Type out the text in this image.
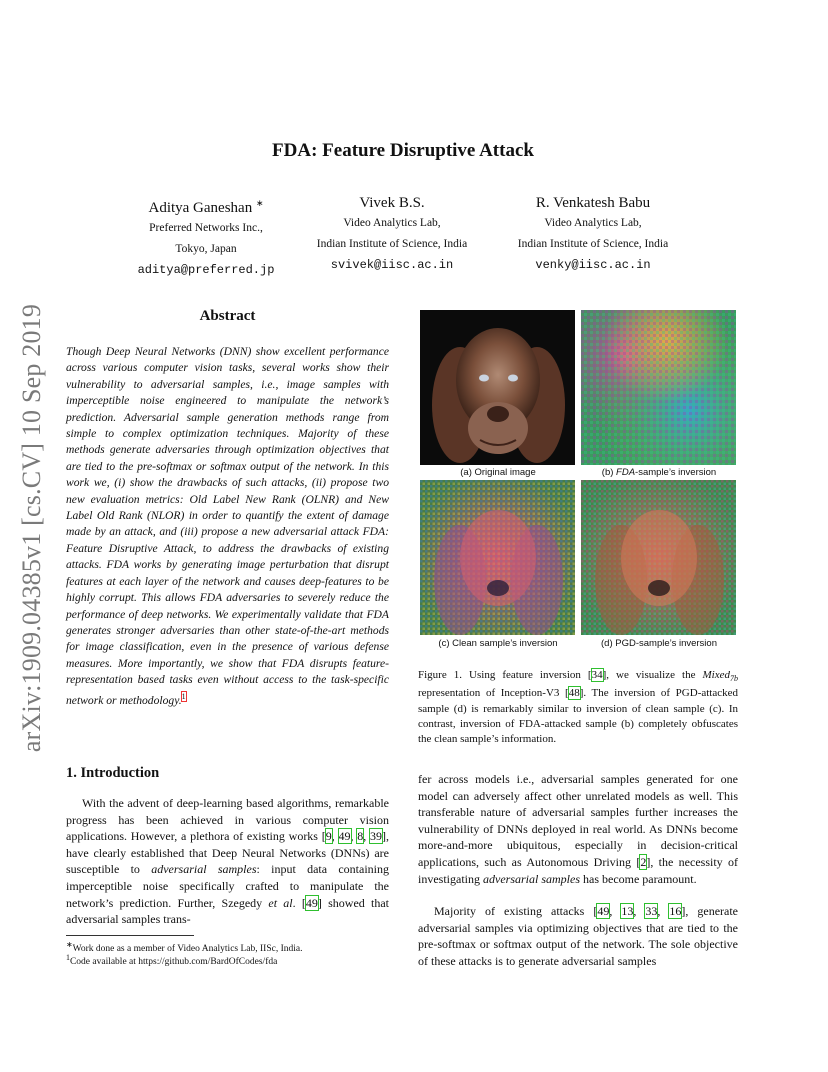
arXiv:1909.04385v1 [cs.CV] 10 Sep 2019
FDA: Feature Disruptive Attack
Aditya Ganeshan ∗
Preferred Networks Inc.,
Tokyo, Japan
aditya@preferred.jp
Vivek B.S.
Video Analytics Lab,
Indian Institute of Science, India
svivek@iisc.ac.in
R. Venkatesh Babu
Video Analytics Lab,
Indian Institute of Science, India
venky@iisc.ac.in
Abstract
Though Deep Neural Networks (DNN) show excellent performance across various computer vision tasks, several works show their vulnerability to adversarial samples, i.e., image samples with imperceptible noise engineered to manipulate the network’s prediction. Adversarial sample generation methods range from simple to complex optimization techniques. Majority of these methods generate adversaries through optimization objectives that are tied to the pre-softmax or softmax output of the network. In this work we, (i) show the drawbacks of such attacks, (ii) propose two new evaluation metrics: Old Label New Rank (OLNR) and New Label Old Rank (NLOR) in order to quantify the extent of damage made by an attack, and (iii) propose a new adversarial attack FDA: Feature Disruptive Attack, to address the drawbacks of existing attacks. FDA works by generating image perturbation that disrupt features at each layer of the network and causes deep-features to be highly corrupt. This allows FDA adversaries to severely reduce the performance of deep networks. We experimentally validate that FDA generates stronger adversaries than other state-of-the-art methods for image classification, even in the presence of various defense measures. More importantly, we show that FDA disrupts feature-representation based tasks even without access to the task-specific network or methodology.$^1$
(a) Original image	(b) FDA-sample’s inversion
(c) Clean sample’s inversion	(d) PGD-sample’s inversion
Figure 1. Using feature inversion [34], we visualize the Mixed$_{7b}$ representation of Inception-V3 [48]. The inversion of PGD-attacked sample (d) is remarkably similar to inversion of clean sample (c). In contrast, inversion of FDA-attacked sample (b) completely obfuscates the clean sample’s information.
1. Introduction
With the advent of deep-learning based algorithms, remarkable progress has been achieved in various computer vision applications. However, a plethora of existing works [9, 49, 8, 39], have clearly established that Deep Neural Networks (DNNs) are susceptible to adversarial samples: input data containing imperceptible noise specifically crafted to manipulate the network’s prediction. Further, Szegedy et al. [49] showed that adversarial samples trans-
fer across models i.e., adversarial samples generated for one model can adversely affect other unrelated models as well. This transferable nature of adversarial samples further increases the vulnerability of DNNs deployed in real world. As DNNs become more-and-more ubiquitous, especially in decision-critical applications, such as Autonomous Driving [2], the necessity of investigating adversarial samples has become paramount.
Majority of existing attacks [49, 13, 33, 16], generate adversarial samples via optimizing objectives that are tied to the pre-softmax or softmax output of the network. The sole objective of these attacks is to generate adversarial samples
∗Work done as a member of Video Analytics Lab, IISc, India.
$^1$Code available at https://github.com/BardOfCodes/fda
